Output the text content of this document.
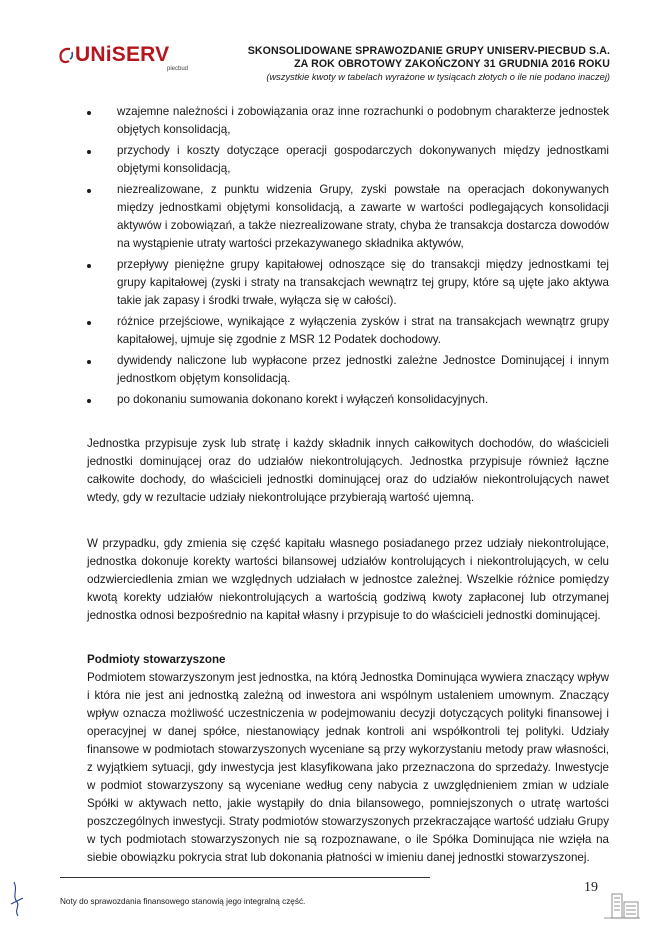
UNiSERV
piecbud
SKONSOLIDOWANE SPRAWOZDANIE GRUPY UNISERV-PIECBUD S.A.
ZA ROK OBROTOWY ZAKOŃCZONY 31 GRUDNIA 2016 ROKU
(wszystkie kwoty w tabelach wyrażone w tysiącach złotych o ile nie podano inaczej)
wzajemne należności i zobowiązania oraz inne rozrachunki o podobnym charakterze jednostek objętych konsolidacją,
przychody i koszty dotyczące operacji gospodarczych dokonywanych między jednostkami objętymi konsolidacją,
niezrealizowane, z punktu widzenia Grupy, zyski powstałe na operacjach dokonywanych między jednostkami objętymi konsolidacją, a zawarte w wartości podlegających konsolidacji aktywów i zobowiązań, a także niezrealizowane straty, chyba że transakcja dostarcza dowodów na wystąpienie utraty wartości przekazywanego składnika aktywów,
przepływy pieniężne grupy kapitałowej odnoszące się do transakcji między jednostkami tej grupy kapitałowej (zyski i straty na transakcjach wewnątrz tej grupy, które są ujęte jako aktywa takie jak zapasy i środki trwałe, wyłącza się w całości).
różnice przejściowe, wynikające z wyłączenia zysków i strat na transakcjach wewnątrz grupy kapitałowej, ujmuje się zgodnie z MSR 12 Podatek dochodowy.
dywidendy naliczone lub wypłacone przez jednostki zależne Jednostce Dominującej i innym jednostkom objętym konsolidacją.
po dokonaniu sumowania dokonano korekt i wyłączeń konsolidacyjnych.

Jednostka przypisuje zysk lub stratę i każdy składnik innych całkowitych dochodów, do właścicieli jednostki dominującej oraz do udziałów niekontrolujących. Jednostka przypisuje również łączne całkowite dochody, do właścicieli jednostki dominującej oraz do udziałów niekontrolujących nawet wtedy, gdy w rezultacie udziały niekontrolujące przybierają wartość ujemną.

W przypadku, gdy zmienia się część kapitału własnego posiadanego przez udziały niekontrolujące, jednostka dokonuje korekty wartości bilansowej udziałów kontrolujących i niekontrolujących, w celu odzwierciedlenia zmian we względnych udziałach w jednostce zależnej. Wszelkie różnice pomiędzy kwotą korekty udziałów niekontrolujących a wartością godziwą kwoty zapłaconej lub otrzymanej jednostka odnosi bezpośrednio na kapitał własny i przypisuje to do właścicieli jednostki dominującej.

Podmioty stowarzyszone

Podmiotem stowarzyszonym jest jednostka, na którą Jednostka Dominująca wywiera znaczący wpływ i która nie jest ani jednostką zależną od inwestora ani wspólnym ustaleniem umownym. Znaczący wpływ oznacza możliwość uczestniczenia w podejmowaniu decyzji dotyczących polityki finansowej i operacyjnej w danej spółce, niestanowiący jednak kontroli ani współkontroli tej polityki. Udziały finansowe w podmiotach stowarzyszonych wyceniane są przy wykorzystaniu metody praw własności, z wyjątkiem sytuacji, gdy inwestycja jest klasyfikowana jako przeznaczona do sprzedaży. Inwestycje w podmiot stowarzyszony są wyceniane według ceny nabycia z uwzględnieniem zmian w udziale Spółki w aktywach netto, jakie wystąpiły do dnia bilansowego, pomniejszonych o utratę wartości poszczególnych inwestycji. Straty podmiotów stowarzyszonych przekraczające wartość udziału Grupy w tych podmiotach stowarzyszonych nie są rozpoznawane, o ile Spółka Dominująca nie wzięła na siebie obowiązku pokrycia strat lub dokonania płatności w imieniu danej jednostki stowarzyszonej.

Noty do sprawozdania finansowego stanowią jego integralną część.
19
